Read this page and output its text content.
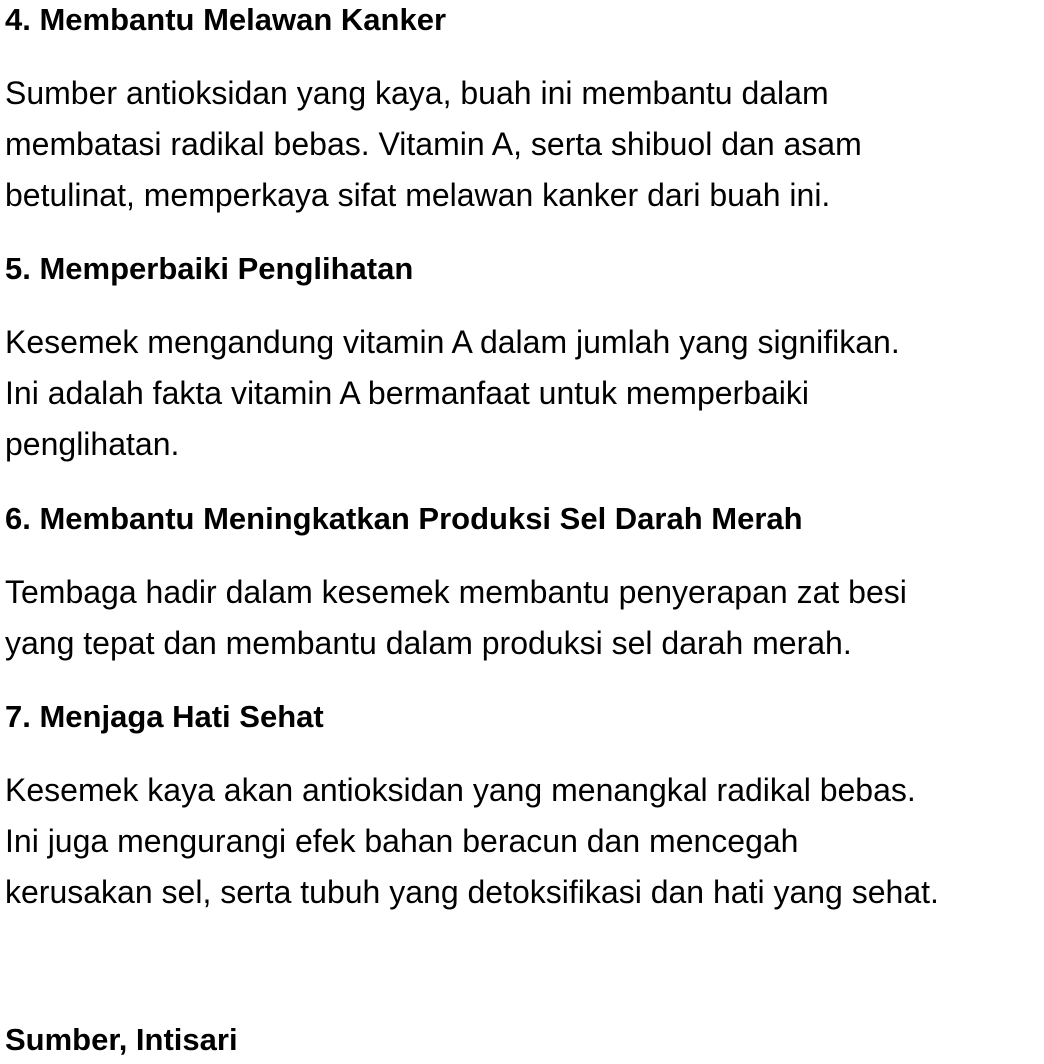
4. Membantu Melawan Kanker
Sumber antioksidan yang kaya, buah ini membantu dalam
membatasi radikal bebas. Vitamin A, serta shibuol dan asam
betulinat, memperkaya sifat melawan kanker dari buah ini.
5. Memperbaiki Penglihatan
Kesemek mengandung vitamin A dalam jumlah yang signifikan.
Ini adalah fakta vitamin A bermanfaat untuk memperbaiki
penglihatan.
6. Membantu Meningkatkan Produksi Sel Darah Merah
Tembaga hadir dalam kesemek membantu penyerapan zat besi
yang tepat dan membantu dalam produksi sel darah merah.
7. Menjaga Hati Sehat
Kesemek kaya akan antioksidan yang menangkal radikal bebas.
Ini juga mengurangi efek bahan beracun dan mencegah
kerusakan sel, serta tubuh yang detoksifikasi dan hati yang sehat.
Sumber, Intisari
